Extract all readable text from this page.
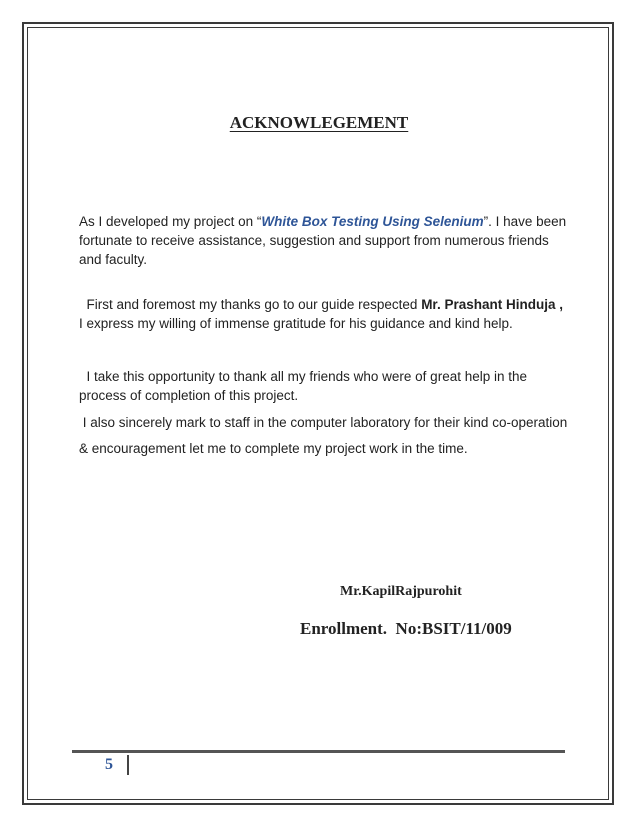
ACKNOWLEGEMENT

As I developed my project on “White Box Testing Using Selenium”. I have been fortunate to receive assistance, suggestion and support from numerous friends and faculty.

First and foremost my thanks go to our guide respected Mr. Prashant Hinduja , I express my willing of immense gratitude for his guidance and kind help.

I take this opportunity to thank all my friends who were of great help in the process of completion of this project.

I also sincerely mark to staff in the computer laboratory for their kind co-operation & encouragement let me to complete my project work in the time.

Mr.KapilRajpurohit
Enrollment.  No:BSIT/11/009
5
